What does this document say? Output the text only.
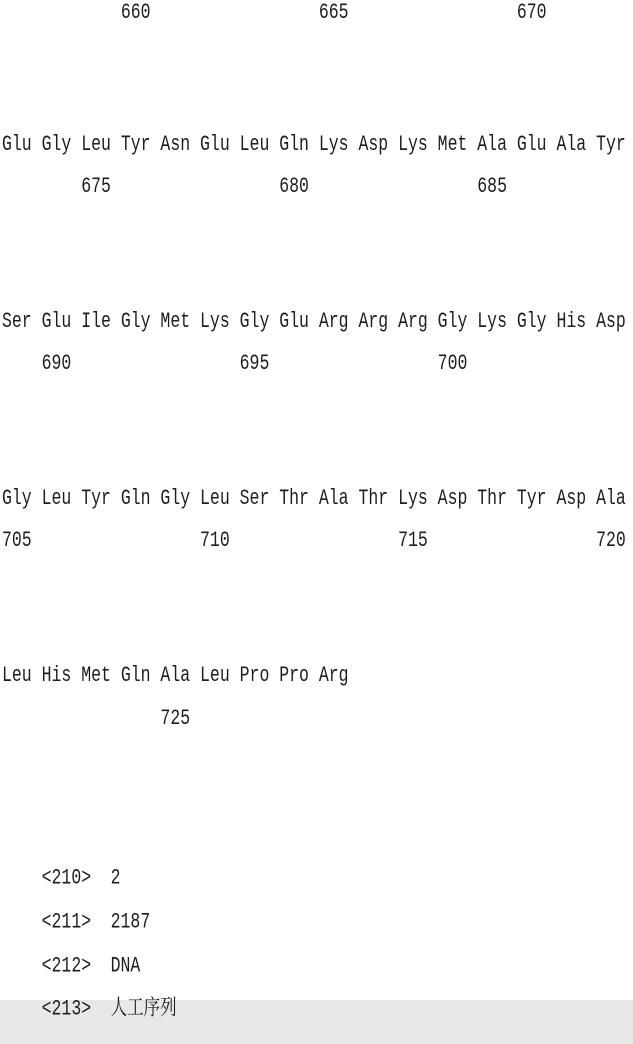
660                 665                 670
Glu Gly Leu Tyr Asn Glu Leu Gln Lys Asp Lys Met Ala Glu Ala Tyr
675                 680                 685
Ser Glu Ile Gly Met Lys Gly Glu Arg Arg Arg Gly Lys Gly His Asp
690                 695                 700
Gly Leu Tyr Gln Gly Leu Ser Thr Ala Thr Lys Asp Thr Tyr Asp Ala
705                 710                 715                 720
Leu His Met Gln Ala Leu Pro Pro Arg
725

<210> 2

<211> 2187

<212> DNA

<213> 人工序列
